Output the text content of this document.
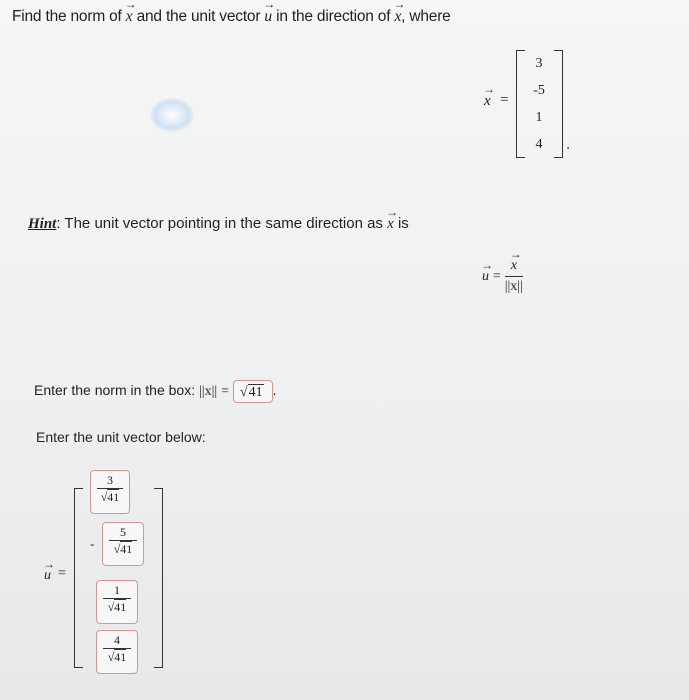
Find the norm of → x and the unit vector → u in the direction of → x, where
→ x =
3
-5
1
4	.
Hint: The unit vector pointing in the same direction as → x is
→ u = → $\frac{x}{||x||}$
Enter the norm in the box: ||x|| = √41 .
Enter the unit vector below:
→ u =
$\frac{3}{√41}$
- $\frac{5}{√41}$
$\frac{1}{√41}$
$\frac{4}{√41}$
